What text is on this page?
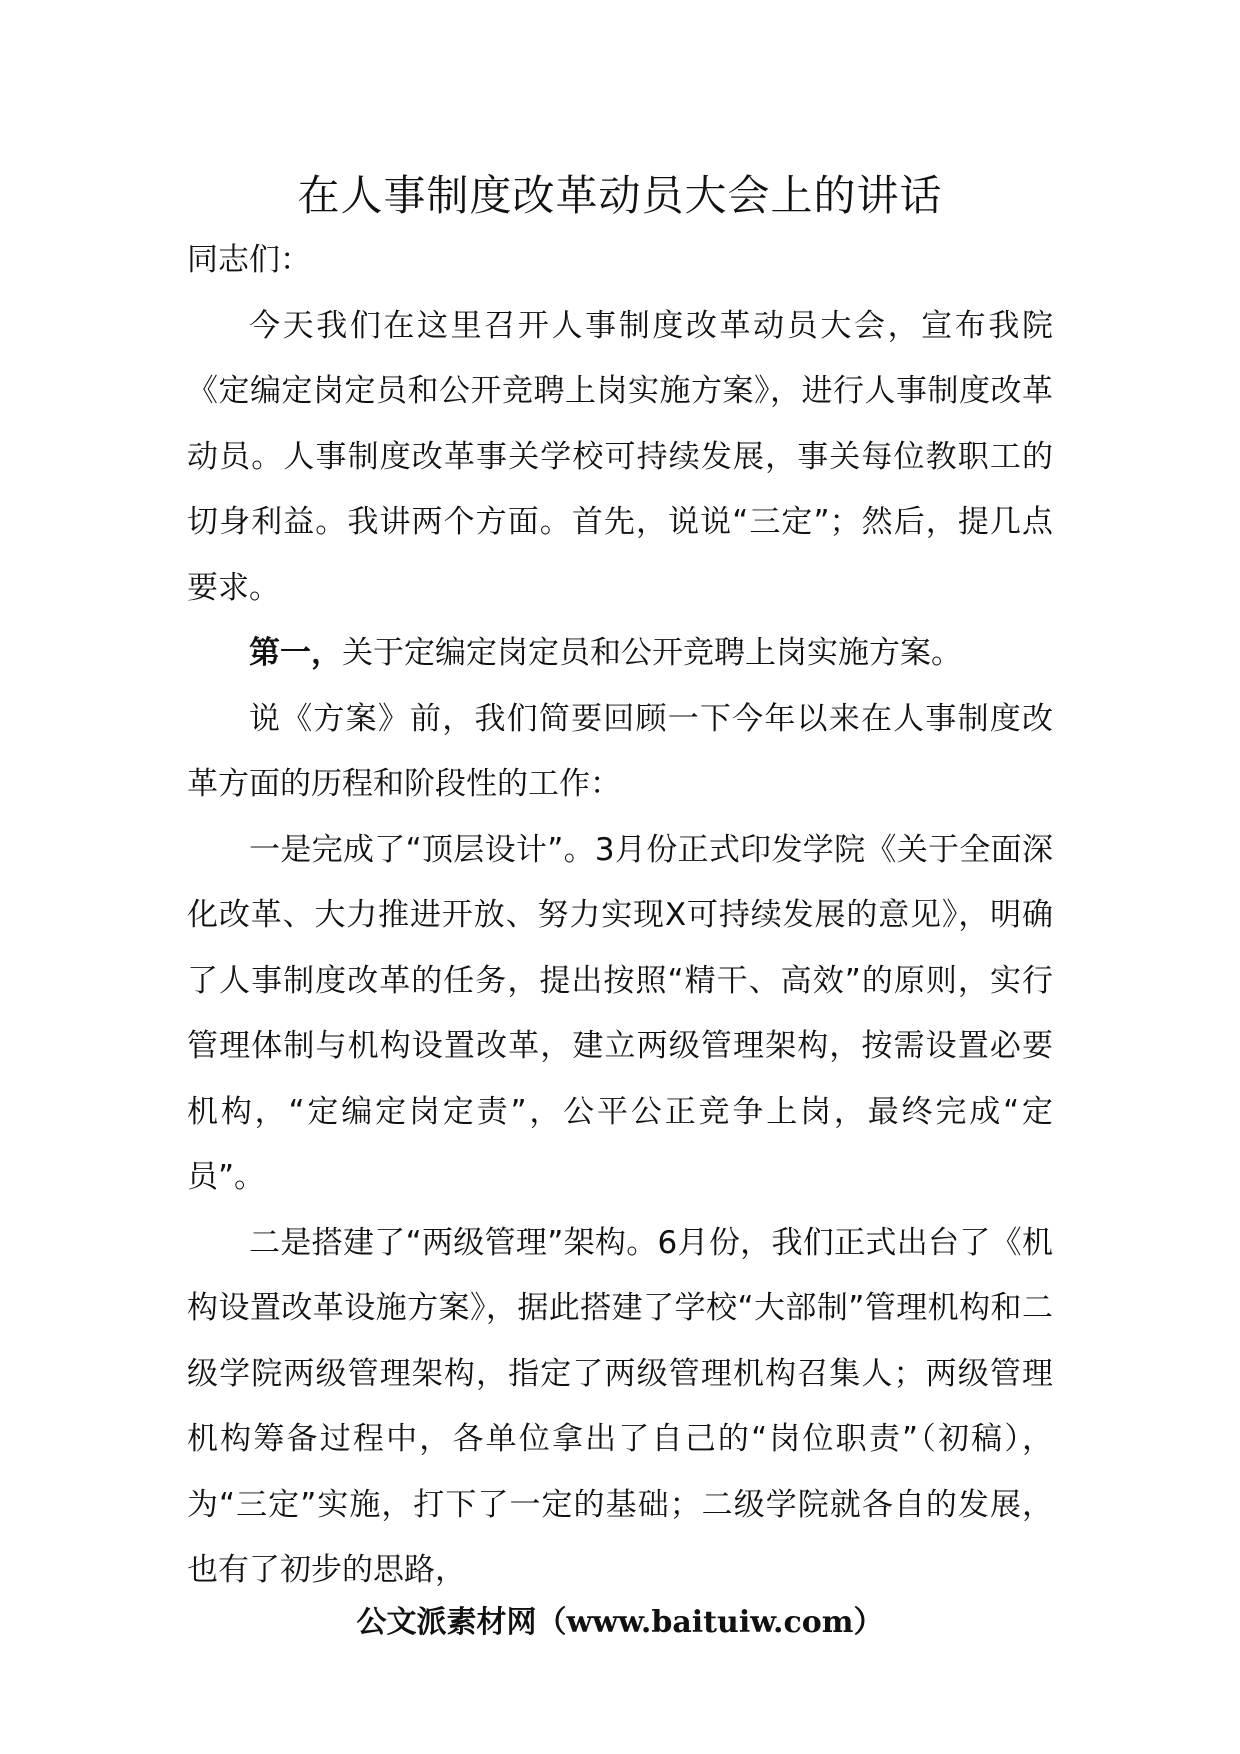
在人事制度改革动员大会上的讲话

同志们：

今天我们在这里召开人事制度改革动员大会，宣布我院《定编定岗定员和公开竞聘上岗实施方案》，进行人事制度改革动员。人事制度改革事关学校可持续发展，事关每位教职工的切身利益。我讲两个方面。首先，说说“三定”；然后，提几点要求。

第一，关于定编定岗定员和公开竞聘上岗实施方案。

说《方案》前，我们简要回顾一下今年以来在人事制度改革方面的历程和阶段性的工作：

一是完成了“顶层设计”。3月份正式印发学院《关于全面深化改革、大力推进开放、努力实现X可持续发展的意见》，明确了人事制度改革的任务，提出按照“精干、高效”的原则，实行管理体制与机构设置改革，建立两级管理架构，按需设置必要机构，“定编定岗定责”，公平公正竞争上岗，最终完成“定员”。

二是搭建了“两级管理”架构。6月份，我们正式出台了《机构设置改革设施方案》，据此搭建了学校“大部制”管理机构和二级学院两级管理架构，指定了两级管理机构召集人；两级管理机构筹备过程中，各单位拿出了自己的“岗位职责”（初稿），为“三定”实施，打下了一定的基础；二级学院就各自的发展，也有了初步的思路，

公文派素材网（www.baituiw.com）
